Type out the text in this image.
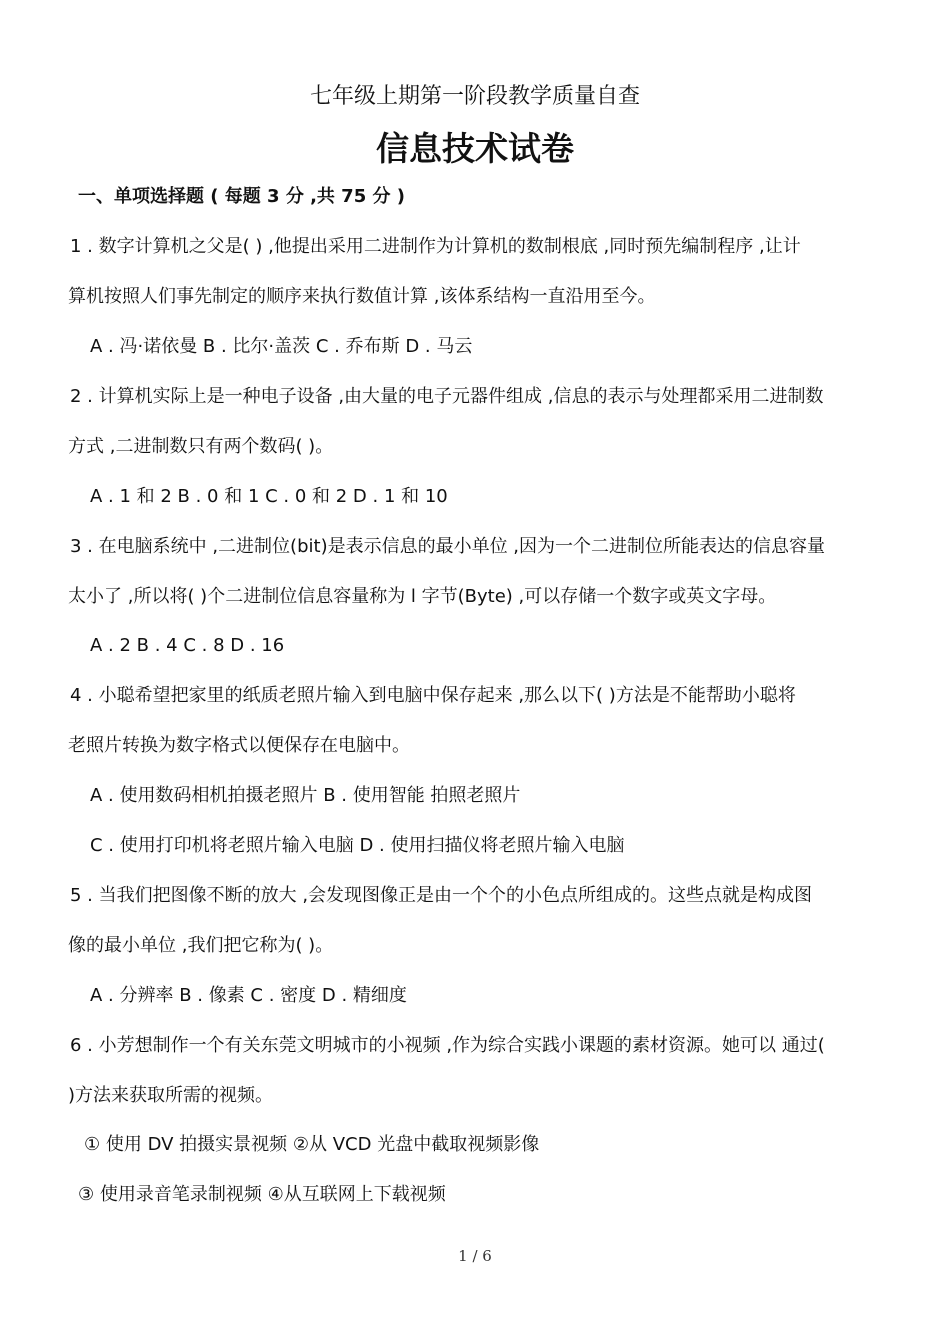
七年级上期第一阶段教学质量自查
信息技术试卷
一、单项选择题 ( 每题 3 分 ,共 75 分 )
1 . 数字计算机之父是( ) ,他提出采用二进制作为计算机的数制根底 ,同时预先编制程序 ,让计
算机按照人们事先制定的顺序来执行数值计算 ,该体系结构一直沿用至今。
A . 冯·诺依曼 B . 比尔·盖茨 C . 乔布斯 D . 马云
2 . 计算机实际上是一种电子设备 ,由大量的电子元器件组成 ,信息的表示与处理都采用二进制数
方式 ,二进制数只有两个数码( )。
A . 1 和 2 B . 0 和 1 C . 0 和 2 D . 1 和 10
3 . 在电脑系统中 ,二进制位(bit)是表示信息的最小单位 ,因为一个二进制位所能表达的信息容量
太小了 ,所以将( )个二进制位信息容量称为 l 字节(Byte) ,可以存储一个数字或英文字母。
A . 2 B . 4 C . 8 D . 16
4 . 小聪希望把家里的纸质老照片输入到电脑中保存起来 ,那么以下( )方法是不能帮助小聪将
老照片转换为数字格式以便保存在电脑中。
A . 使用数码相机拍摄老照片 B . 使用智能 拍照老照片
C . 使用打印机将老照片输入电脑 D . 使用扫描仪将老照片输入电脑
5 . 当我们把图像不断的放大 ,会发现图像正是由一个个的小色点所组成的。这些点就是构成图
像的最小单位 ,我们把它称为( )。
A . 分辨率 B . 像素 C . 密度 D . 精细度
6 . 小芳想制作一个有关东莞文明城市的小视频 ,作为综合实践小课题的素材资源。她可以 通过(
)方法来获取所需的视频。
① 使用 DV 拍摄实景视频 ②从 VCD 光盘中截取视频影像
③ 使用录音笔录制视频 ④从互联网上下载视频
1 / 6
